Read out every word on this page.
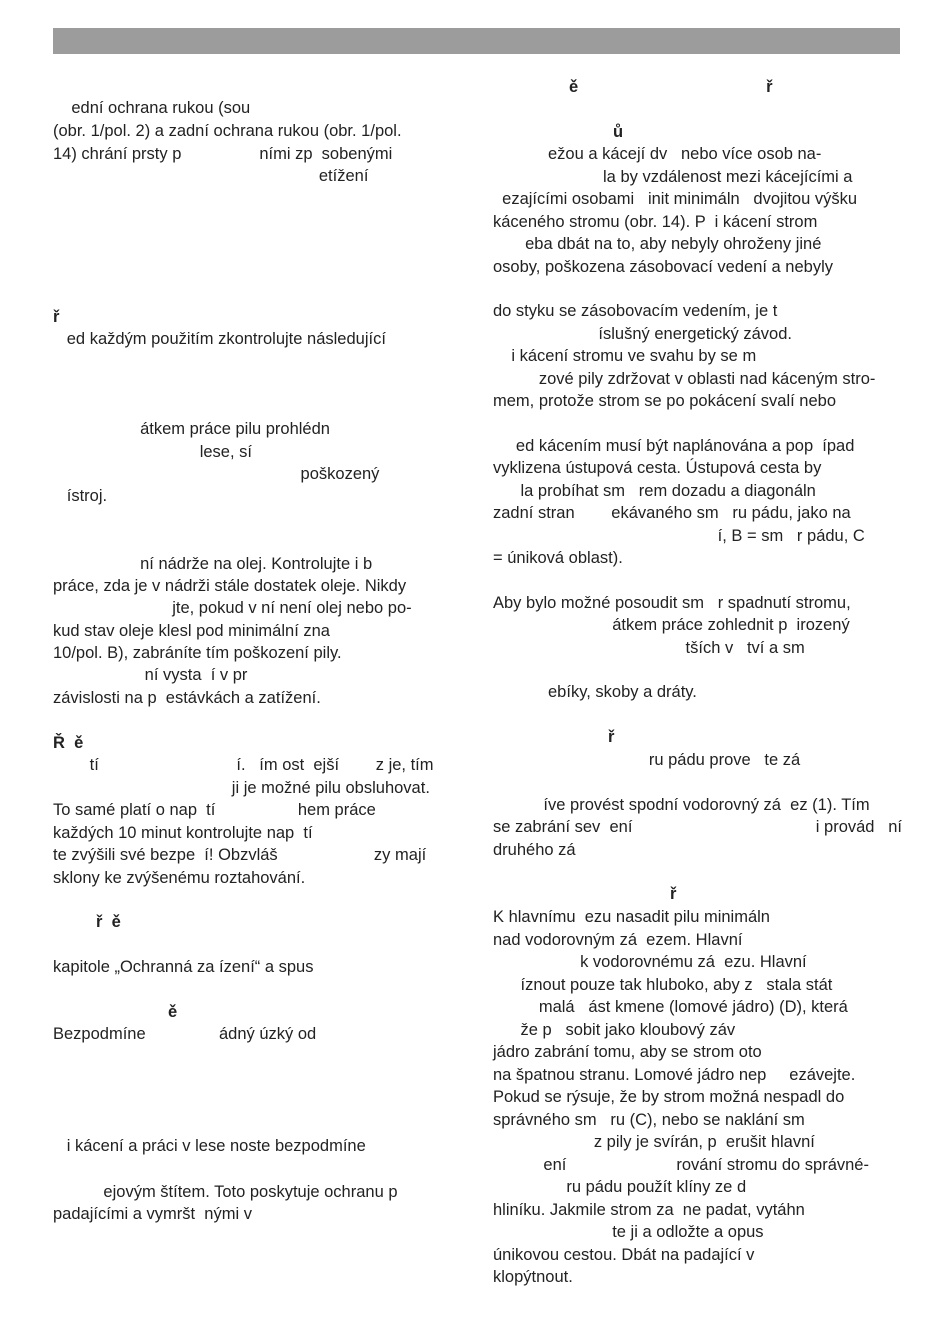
ední ochrana rukou (sou
(obr. 1/pol. 2) a zadní ochrana rukou (obr. 1/pol.
14) chrání prsty p                 ními zp  sobenými
etížení
ř
ed každým použitím zkontrolujte následující
átkem práce pilu prohlédn
lese, sí
poškozený
ístroj.
ní nádrže na olej. Kontrolujte i b
práce, zda je v nádrži stále dostatek oleje. Nikdy
jte, pokud v ní není olej nebo po-
kud stav oleje klesl pod minimální zna
10/pol. B), zabráníte tím poškození pily.
ní vysta  í v pr
závislosti na p  estávkách a zatížení.
Ř  ě
tí                              í.   ím ost  ejší        z je, tím
ji je možné pilu obsluhovat.
To samé platí o nap  tí                  hem práce
každých 10 minut kontrolujte nap  tí
te zvýšili své bezpe  í! Obzvláš                     zy mají
sklony ke zvýšenému roztahování.
ř  ě
kapitole „Ochranná za ízení“ a spus
ě
Bezpodmíne                ádný úzký od
i kácení a práci v lese noste bezpodmíne
ejovým štítem. Toto poskytuje ochranu p
padajícími a vymršt  nými v
ě                                         ř
ů
ežou a kácejí dv   nebo více osob na-
la by vzdálenost mezi kácejícími a
ezajícími osobami   init minimáln   dvojitou výšku
káceného stromu (obr. 14). P  i kácení strom
eba dbát na to, aby nebyly ohroženy jiné
osoby, poškozena zásobovací vedení a nebyly
do styku se zásobovacím vedením, je t
íslušný energetický závod.
i kácení stromu ve svahu by se m
zové pily zdržovat v oblasti nad káceným stro-
mem, protože strom se po pokácení svalí nebo
ed kácením musí být naplánována a pop  ípad
vyklizena ústupová cesta. Ústupová cesta by
la probíhat sm   rem dozadu a diagonáln
zadní stran        ekávaného sm   ru pádu, jako na
í, B = sm   r pádu, C
= úniková oblast).
Aby bylo možné posoudit sm   r spadnutí stromu,
átkem práce zohlednit p  irozený
tších v   tví a sm
ebíky, skoby a dráty.
ř
ru pádu prove   te zá
íve provést spodní vodorovný zá  ez (1). Tím
se zabrání sev  ení                                        i provád   ní
druhého zá
ř
K hlavnímu  ezu nasadit pilu minimáln
nad vodorovným zá  ezem. Hlavní
k vodorovnému zá  ezu. Hlavní
íznout pouze tak hluboko, aby z   stala stát
malá   ást kmene (lomové jádro) (D), která
že p   sobit jako kloubový záv
jádro zabrání tomu, aby se strom oto
na špatnou stranu. Lomové jádro nep     ezávejte.
Pokud se rýsuje, že by strom možná nespadl do
správného sm   ru (C), nebo se naklání sm
z pily je svírán, p  erušit hlavní
ení                        rování stromu do správné-
ru pádu použít klíny ze d
hliníku. Jakmile strom za  ne padat, vytáhn
te ji a odložte a opus
únikovou cestou. Dbát na padající v
klopýtnout.
